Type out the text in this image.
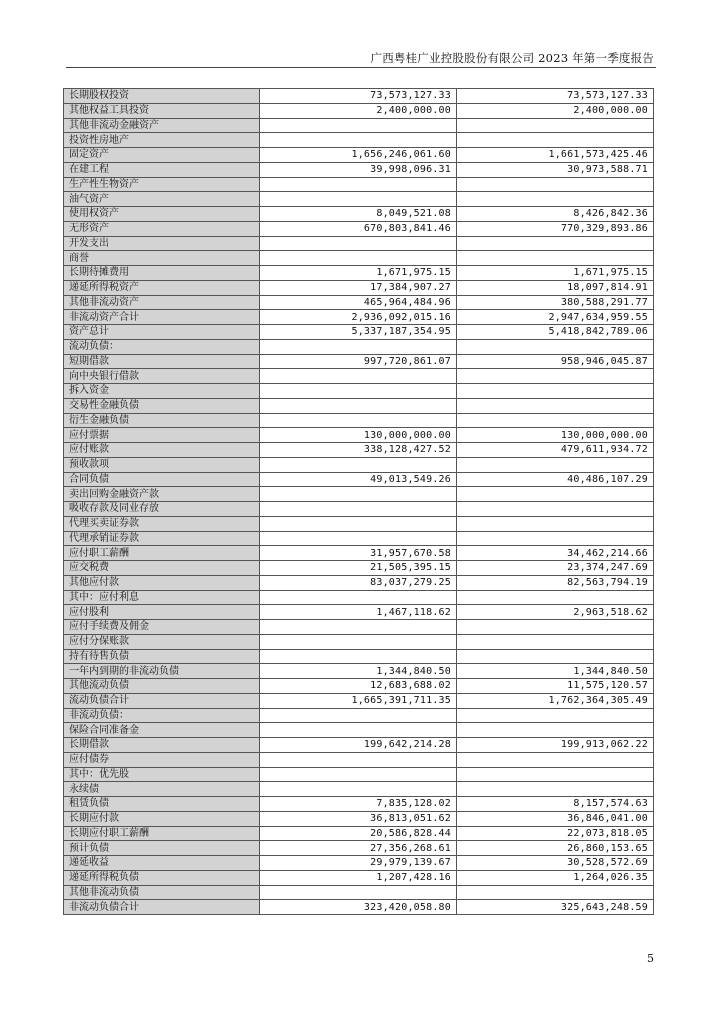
广西粤桂广业控股股份有限公司 2023 年第一季度报告
长期股权投资	73,573,127.33	73,573,127.33
其他权益工具投资	2,400,000.00	2,400,000.00
其他非流动金融资产		
投资性房地产		
固定资产	1,656,246,061.60	1,661,573,425.46
在建工程	39,998,096.31	30,973,588.71
生产性生物资产		
油气资产		
使用权资产	8,049,521.08	8,426,842.36
无形资产	670,803,841.46	770,329,893.86
开发支出		
商誉		
长期待摊费用	1,671,975.15	1,671,975.15
递延所得税资产	17,384,907.27	18,097,814.91
其他非流动资产	465,964,484.96	380,588,291.77
非流动资产合计	2,936,092,015.16	2,947,634,959.55
资产总计	5,337,187,354.95	5,418,842,789.06
流动负债：		
短期借款	997,720,861.07	958,946,045.87
向中央银行借款		
拆入资金		
交易性金融负债		
衍生金融负债		
应付票据	130,000,000.00	130,000,000.00
应付账款	338,128,427.52	479,611,934.72
预收款项		
合同负债	49,013,549.26	40,486,107.29
卖出回购金融资产款		
吸收存款及同业存放		
代理买卖证券款		
代理承销证券款		
应付职工薪酬	31,957,670.58	34,462,214.66
应交税费	21,505,395.15	23,374,247.69
其他应付款	83,037,279.25	82,563,794.19
其中：应付利息		
应付股利	1,467,118.62	2,963,518.62
应付手续费及佣金		
应付分保账款		
持有待售负债		
一年内到期的非流动负债	1,344,840.50	1,344,840.50
其他流动负债	12,683,688.02	11,575,120.57
流动负债合计	1,665,391,711.35	1,762,364,305.49
非流动负债：		
保险合同准备金		
长期借款	199,642,214.28	199,913,062.22
应付债券		
其中：优先股		
永续债		
租赁负债	7,835,128.02	8,157,574.63
长期应付款	36,813,051.62	36,846,041.00
长期应付职工薪酬	20,586,828.44	22,073,818.05
预计负债	27,356,268.61	26,860,153.65
递延收益	29,979,139.67	30,528,572.69
递延所得税负债	1,207,428.16	1,264,026.35
其他非流动负债		
非流动负债合计	323,420,058.80	325,643,248.59
5
